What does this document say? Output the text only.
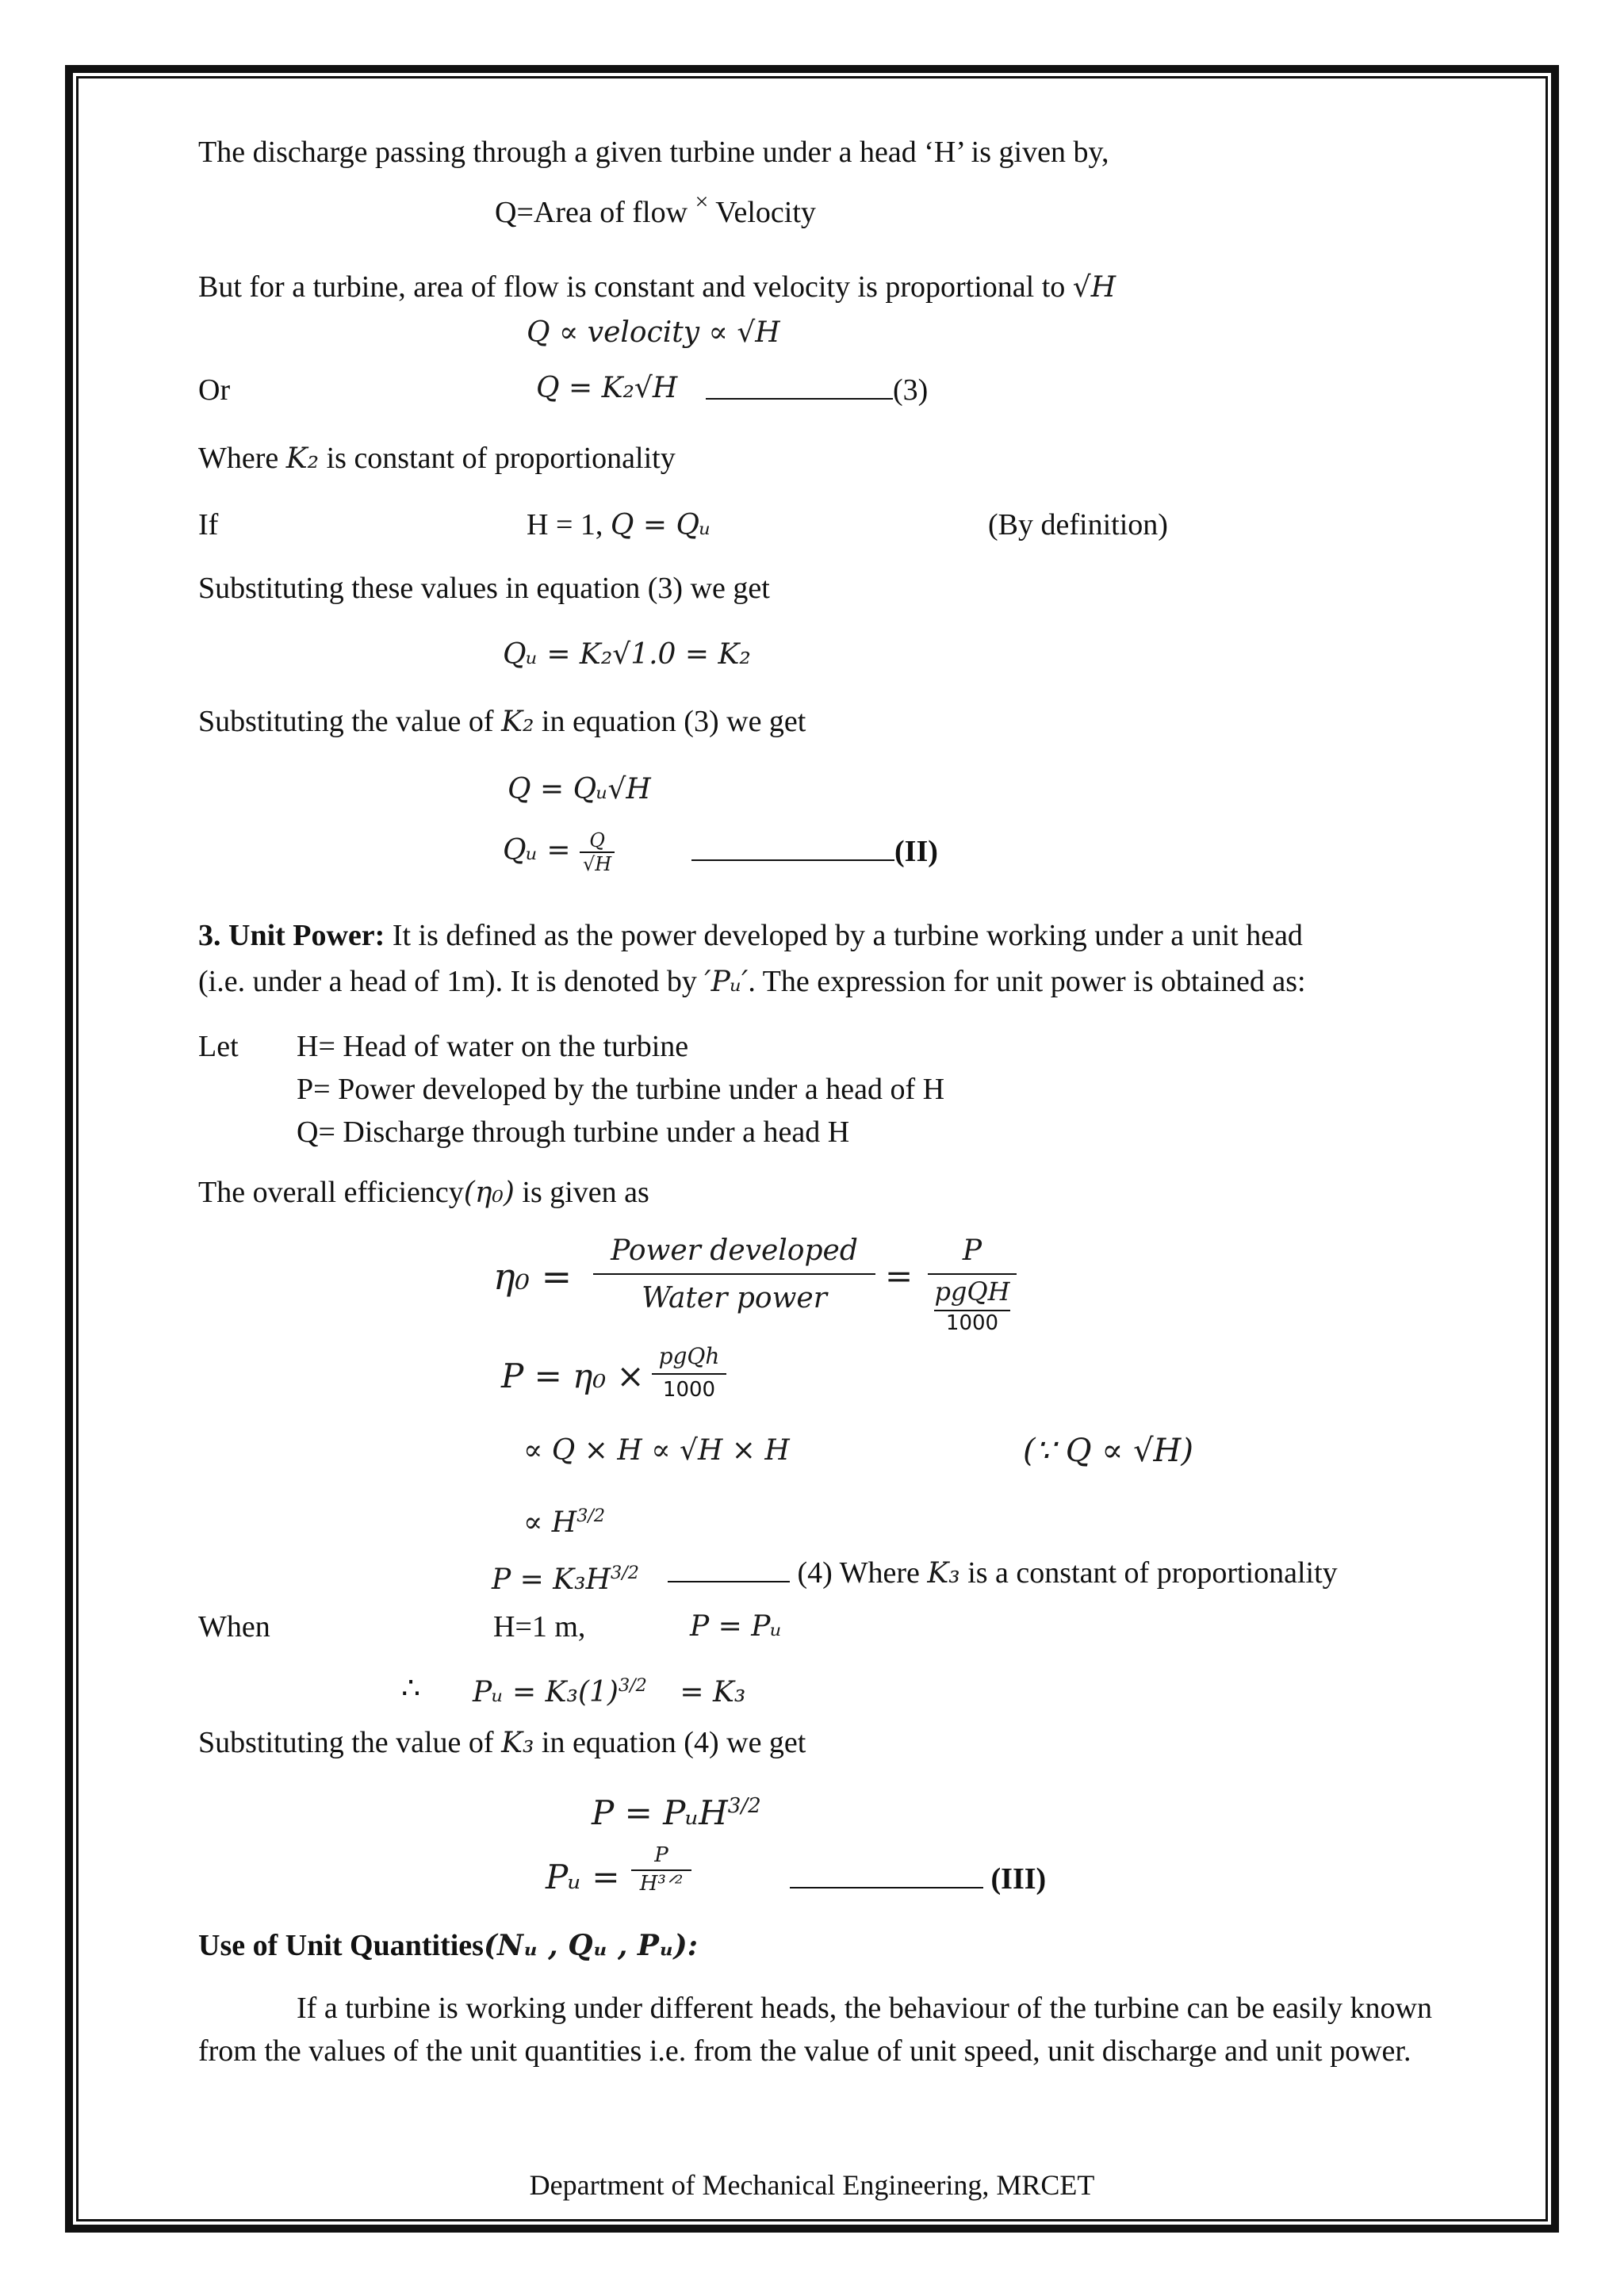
The discharge passing through a given turbine under a head ‘H’ is given by,
Q=Area of flow × Velocity
But for a turbine, area of flow is constant and velocity is proportional to √H
Q ∝ velocity ∝ √H
Or	Q = K₂√H	(3)
Where K₂ is constant of proportionality
If	H = 1, Q = Qᵤ	(By definition)
Substituting these values in equation (3) we get
Qᵤ = K₂√1.0 = K₂
Substituting the value of K₂ in equation (3) we get
Q = Qᵤ√H
Qᵤ = $\frac{Q}{√H}$	(II)
3. Unit Power: It is defined as the power developed by a turbine working under a unit head
(i.e. under a head of 1m). It is denoted by ′Pᵤ′. The expression for unit power is obtained as:
Let H= Head of water on the turbine
P= Power developed by the turbine under a head of H
Q= Discharge through turbine under a head H
The overall efficiency(η₀) is given as
η₀ =
Power developed
Water power
=
P
pgQH
1000
P = η₀ ×
pgQh
1000
∝ Q × H ∝ √H × H	(∵ Q ∝ √H)
∝ $H^{3/2}$
$P = K_3H^{3/2}$	(4) Where K₃ is a constant of proportionality
When	H=1 m,	P = Pᵤ
∴ Pᵤ = $K_3(1)^{3/2} = K_3$
Substituting the value of K₃ in equation (4) we get
P = PᵤH$^{3/2}$
Pᵤ =
P
H³ᐟ²	(III)
Use of Unit Quantities(Nᵤ , Qᵤ , Pᵤ):
If a turbine is working under different heads, the behaviour of the turbine can be easily known from the values of the unit quantities i.e. from the value of unit speed, unit discharge and unit power.
Department of Mechanical Engineering, MRCET
